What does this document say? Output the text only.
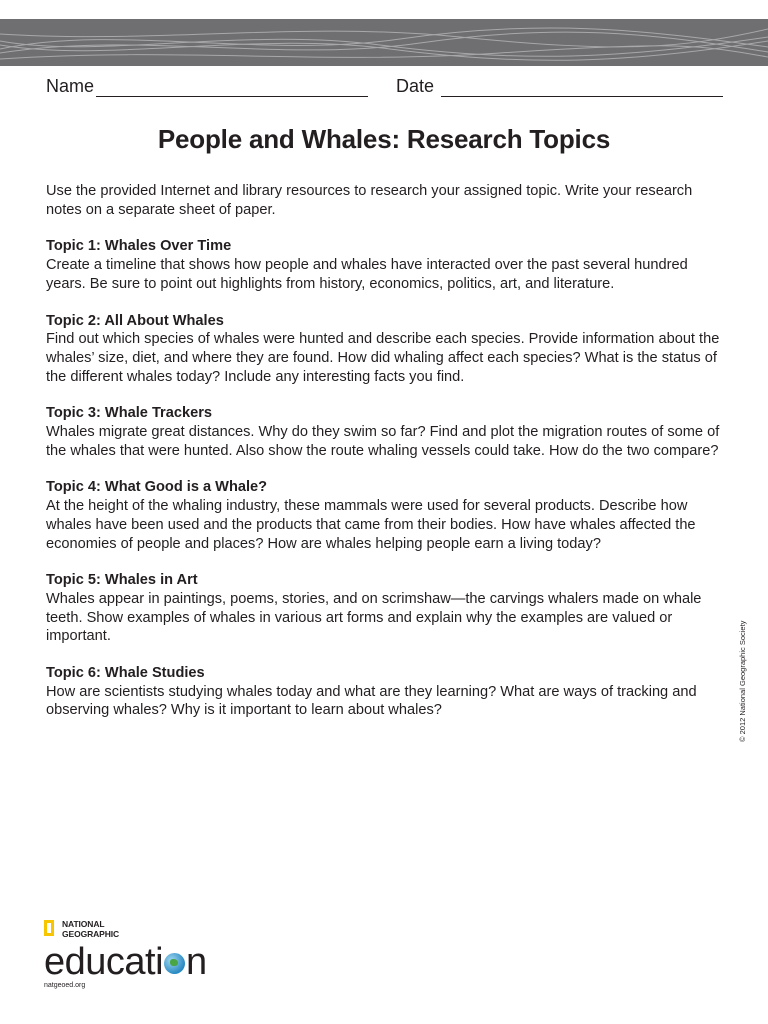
Name	Date
People and Whales: Research Topics

Use the provided Internet and library resources to research your assigned topic. Write your research notes on a separate sheet of paper.

Topic 1: Whales Over Time

Create a timeline that shows how people and whales have interacted over the past several hundred years. Be sure to point out highlights from history, economics, politics, art, and literature.

Topic 2: All About Whales

Find out which species of whales were hunted and describe each species. Provide information about the whales’ size, diet, and where they are found. How did whaling affect each species? What is the status of the different whales today? Include any interesting facts you find.

Topic 3: Whale Trackers

Whales migrate great distances. Why do they swim so far? Find and plot the migration routes of some of the whales that were hunted. Also show the route whaling vessels could take. How do the two compare?

Topic 4: What Good is a Whale?

At the height of the whaling industry, these mammals were used for several products. Describe how whales have been used and the products that came from their bodies. How have whales affected the economies of people and places? How are whales helping people earn a living today?

Topic 5: Whales in Art

Whales appear in paintings, poems, stories, and on scrimshaw—the carvings whalers made on whale teeth. Show examples of whales in various art forms and explain why the examples are valued or important.

Topic 6: Whale Studies

How are scientists studying whales today and what are they learning? What are ways of tracking and observing whales? Why is it important to learn about whales?	© 2012 National Geographic Society
NATIONAL
GEOGRAPHIC
educati n
natgeoed.org
